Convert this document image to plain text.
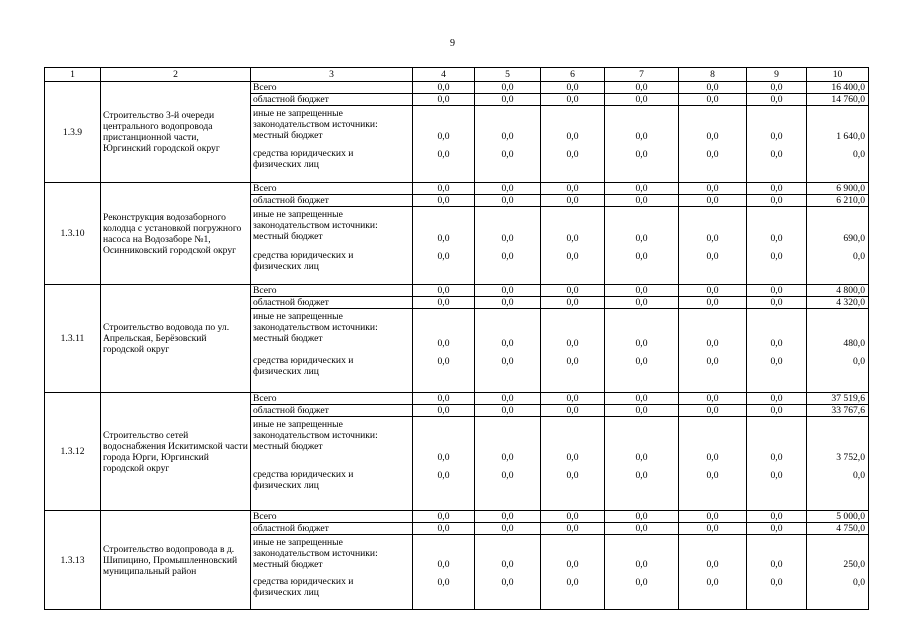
9
1	2	3	4	5	6	7	8	9	10
1.3.9	Строительство 3-й очереди центрального водопровода пристанционной части, Юргинский городской округ	Всего	0,0	0,0	0,0	0,0	0,0	0,0	16 400,0
		областной бюджет	0,0	0,0	0,0	0,0	0,0	0,0	14 760,0

		иные не запрещенные
законодательством источники:
местный бюджет	0,0	0,0	0,0	0,0	0,0	0,0	1 640,0

		средства юридических и
физических лиц	0,0	0,0	0,0	0,0	0,0	0,0	0,0
1.3.10	Реконструкция водозаборного колодца с установкой погружного насоса на Водозаборе №1, Осинниковский городской округ	Всего	0,0	0,0	0,0	0,0	0,0	0,0	6 900,0
		областной бюджет	0,0	0,0	0,0	0,0	0,0	0,0	6 210,0

		иные не запрещенные
законодательством источники:
местный бюджет	0,0	0,0	0,0	0,0	0,0	0,0	690,0

		средства юридических и
физических лиц	0,0	0,0	0,0	0,0	0,0	0,0	0,0
1.3.11	Строительство водовода по ул. Апрельская, Берёзовский городской округ	Всего	0,0	0,0	0,0	0,0	0,0	0,0	4 800,0
		областной бюджет	0,0	0,0	0,0	0,0	0,0	0,0	4 320,0

		иные не запрещенные
законодательством источники:
местный бюджет	0,0	0,0	0,0	0,0	0,0	0,0	480,0

		средства юридических и
физических лиц	0,0	0,0	0,0	0,0	0,0	0,0	0,0
1.3.12	Строительство сетей водоснабжения Искитимской части города Юрги, Юргинский городской округ	Всего	0,0	0,0	0,0	0,0	0,0	0,0	37 519,6
		областной бюджет	0,0	0,0	0,0	0,0	0,0	0,0	33 767,6

		иные не запрещенные
законодательством источники:
местный бюджет	0,0	0,0	0,0	0,0	0,0	0,0	3 752,0

		средства юридических и
физических лиц	0,0	0,0	0,0	0,0	0,0	0,0	0,0
1.3.13	Строительство водопровода в д. Шипицино, Промышленновский муниципальный район	Всего	0,0	0,0	0,0	0,0	0,0	0,0	5 000,0
		областной бюджет	0,0	0,0	0,0	0,0	0,0	0,0	4 750,0

		иные не запрещенные
законодательством источники:
местный бюджет	0,0	0,0	0,0	0,0	0,0	0,0	250,0

		средства юридических и
физических лиц	0,0	0,0	0,0	0,0	0,0	0,0	0,0
